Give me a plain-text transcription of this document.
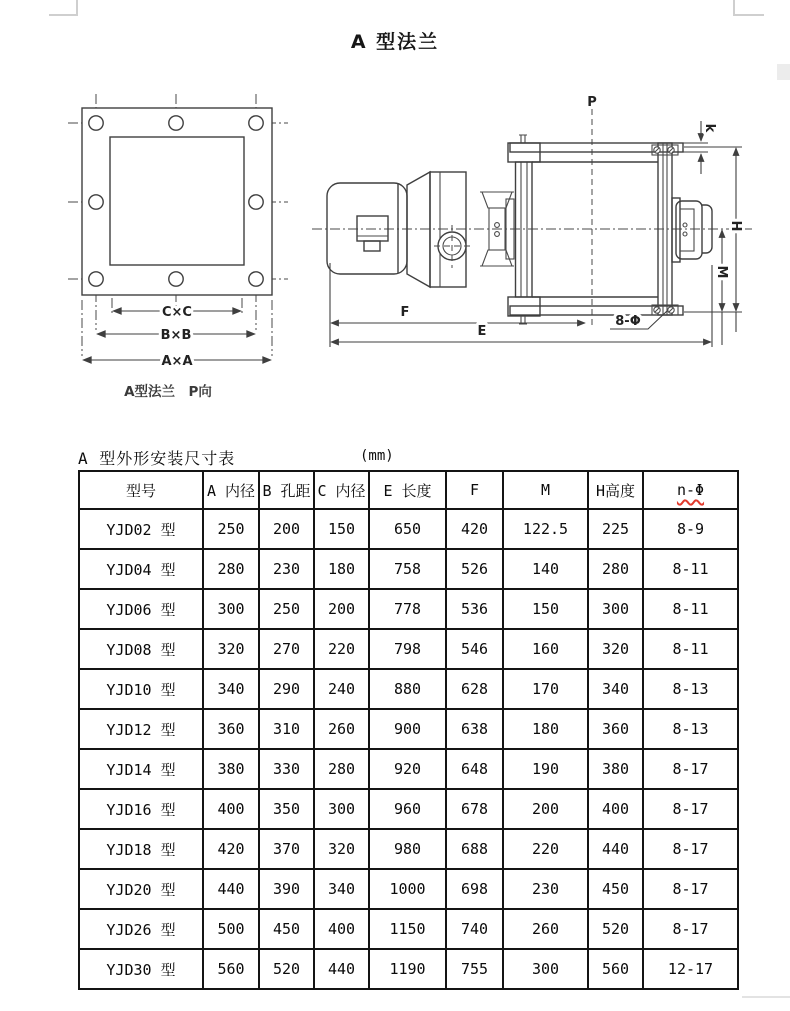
A 型法兰
C×C
B×B
A×A
A型法兰　P向
k
H
M
P
8-Φ
F
E
A 型外形安装尺寸表	(mm)
型号	A 内径	B 孔距	C 内径	E 长度	F	M	H高度	n-Φ
YJD02 型	250	200	150	650	420	122.5	225	8-9
YJD04 型	280	230	180	758	526	140	280	8-11
YJD06 型	300	250	200	778	536	150	300	8-11
YJD08 型	320	270	220	798	546	160	320	8-11
YJD10 型	340	290	240	880	628	170	340	8-13
YJD12 型	360	310	260	900	638	180	360	8-13
YJD14 型	380	330	280	920	648	190	380	8-17
YJD16 型	400	350	300	960	678	200	400	8-17
YJD18 型	420	370	320	980	688	220	440	8-17
YJD20 型	440	390	340	1000	698	230	450	8-17
YJD26 型	500	450	400	1150	740	260	520	8-17
YJD30 型	560	520	440	1190	755	300	560	12-17
